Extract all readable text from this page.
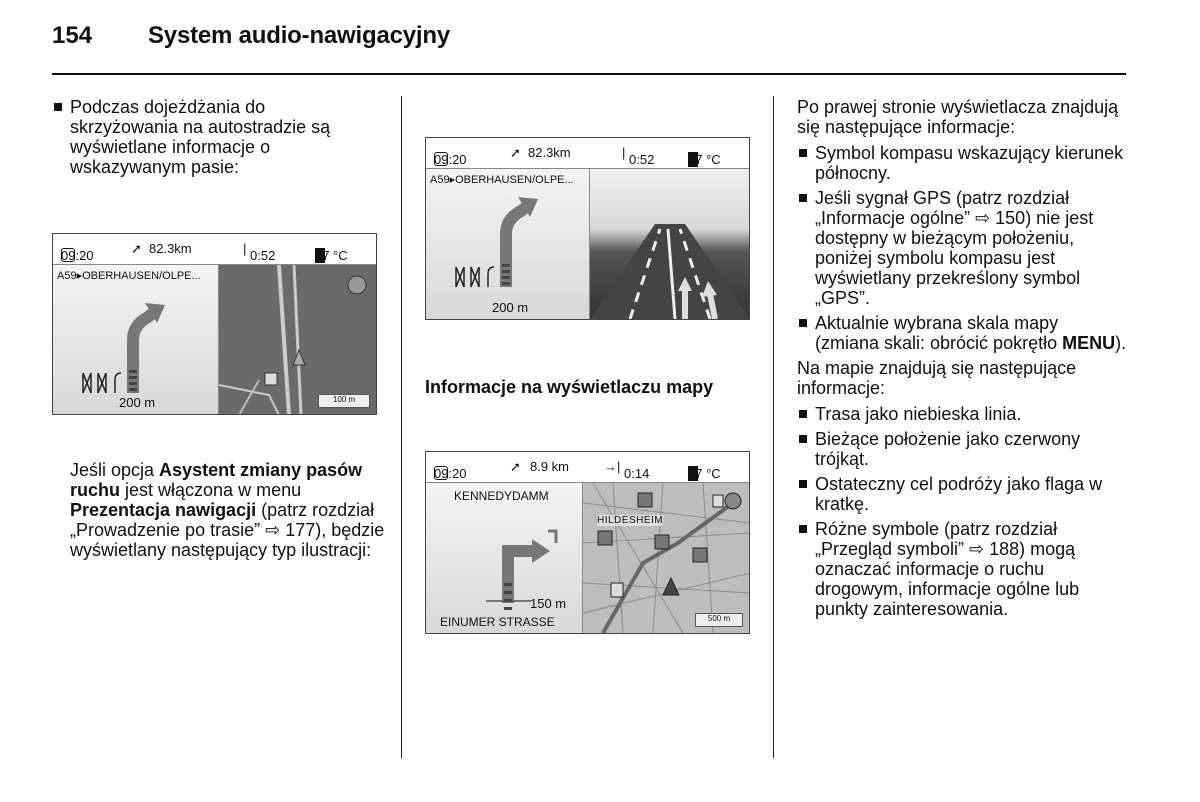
154 System audio-nawigacyjny
Podczas dojeżdżania do skrzyżowania na autostradzie są wyświetlane informacje o wskazywanym pasie:
09:20	➚ 82.3km	| 0:52	17 °C
A59▸OBERHAUSEN/OLPE...
200 m	100 m

Jeśli opcja Asystent zmiany pasów ruchu jest włączona w menu Prezentacja nawigacji (patrz rozdział „Prowadzenie po trasie” ⇨ 177), będzie wyświetlany następujący typ ilustracji:

09:20	➚ 82.3km	| 0:52	17 °C
A59▸OBERHAUSEN/OLPE...
200 m
Informacje na wyświetlaczu mapy
09:20	➚ 8.9 km	→| 0:14	17 °C
KENNEDYDAMM
150 m
EINUMER STRASSE
HILDESHEIM
500 m

Po prawej stronie wyświetlacza znajdują się następujące informacje:

Symbol kompasu wskazujący kierunek północny.
Jeśli sygnał GPS (patrz rozdział „Informacje ogólne” ⇨ 150) nie jest dostępny w bieżącym położeniu, poniżej symbolu kompasu jest wyświetlany przekreślony symbol „GPS”.
Aktualnie wybrana skala mapy (zmiana skali: obrócić pokrętło MENU).

Na mapie znajdują się następujące informacje:

Trasa jako niebieska linia.
Bieżące położenie jako czerwony trójkąt.
Ostateczny cel podróży jako flaga w kratkę.
Różne symbole (patrz rozdział „Przegląd symboli” ⇨ 188) mogą oznaczać informacje o ruchu drogowym, informacje ogólne lub punkty zainteresowania.
